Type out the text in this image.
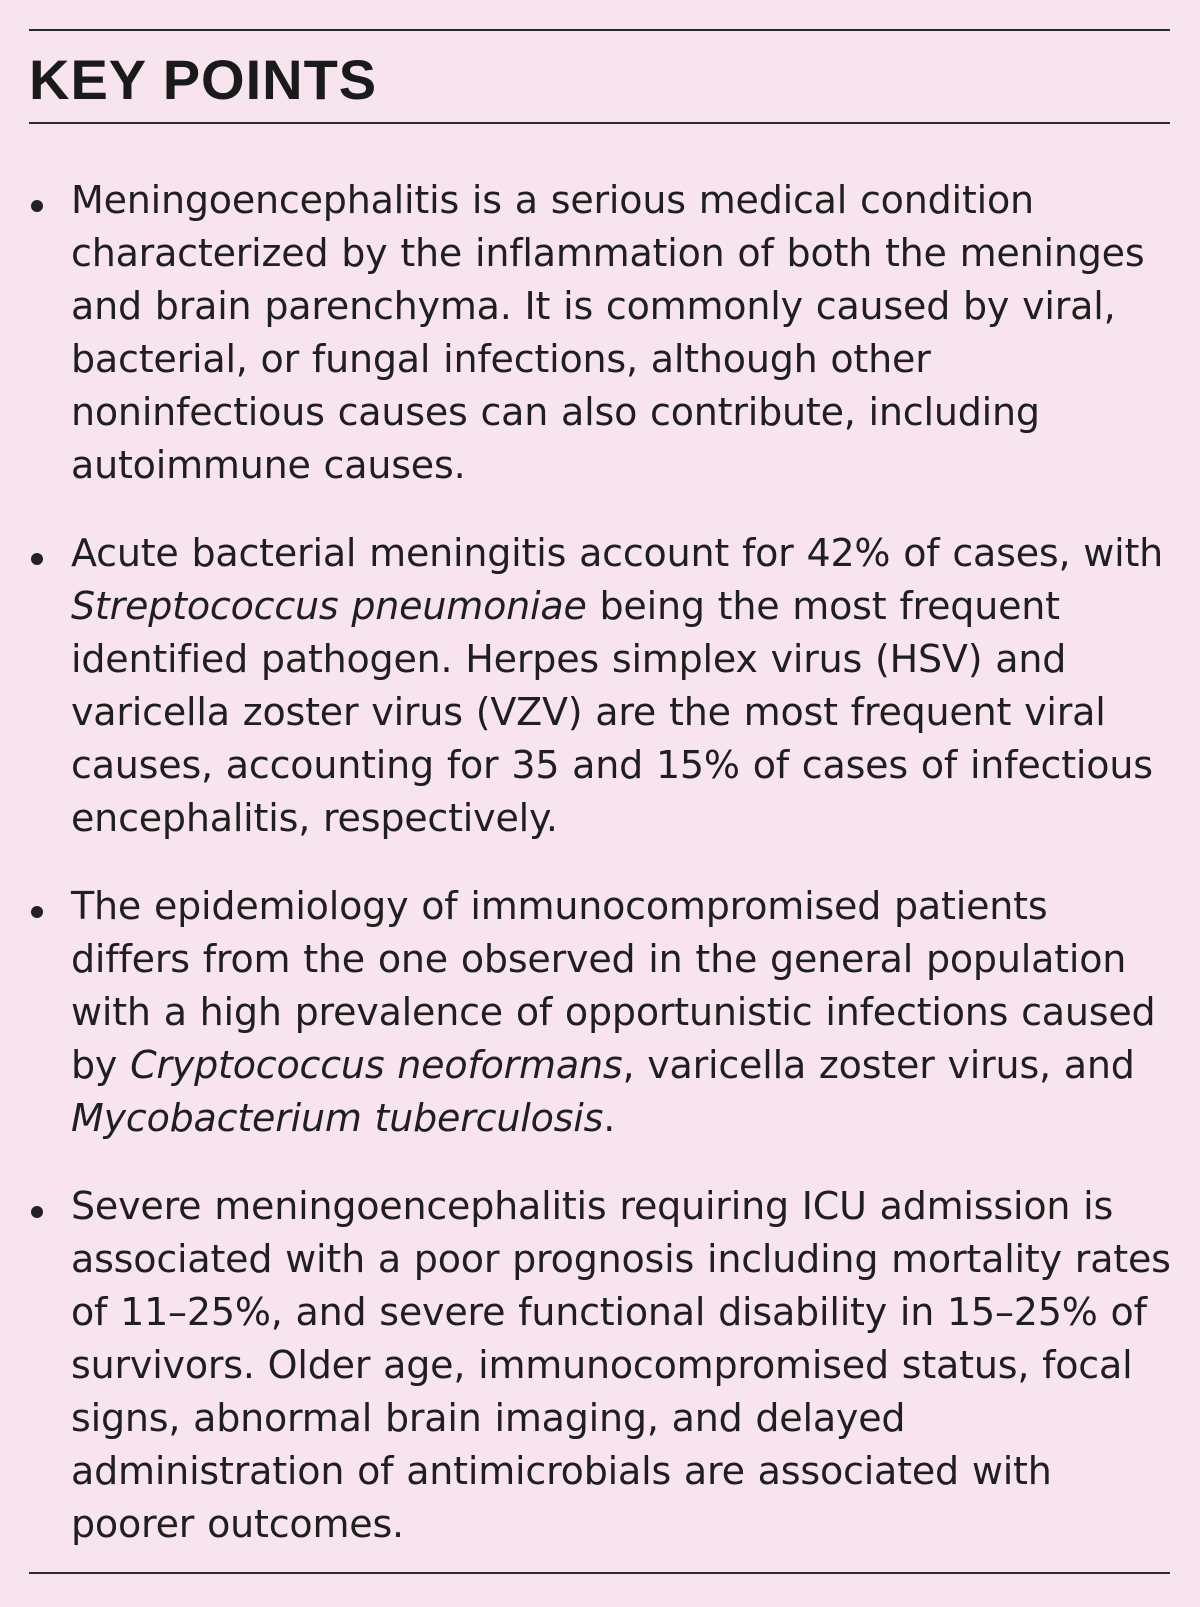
KEY POINTS
Meningoencephalitis is a serious medical condition characterized by the inflammation of both the meninges and brain parenchyma. It is commonly caused by viral, bacterial, or fungal infections, although other noninfectious causes can also contribute, including autoimmune causes.
Acute bacterial meningitis account for 42% of cases, with Streptococcus pneumoniae being the most frequent identified pathogen. Herpes simplex virus (HSV) and varicella zoster virus (VZV) are the most frequent viral causes, accounting for 35 and 15% of cases of infectious encephalitis, respectively.
The epidemiology of immunocompromised patients differs from the one observed in the general population with a high prevalence of opportunistic infections caused by Cryptococcus neoformans, varicella zoster virus, and Mycobacterium tuberculosis.
Severe meningoencephalitis requiring ICU admission is associated with a poor prognosis including mortality rates of 11–25%, and severe functional disability in 15–25% of survivors. Older age, immunocompromised status, focal signs, abnormal brain imaging, and delayed administration of antimicrobials are associated with poorer outcomes.
